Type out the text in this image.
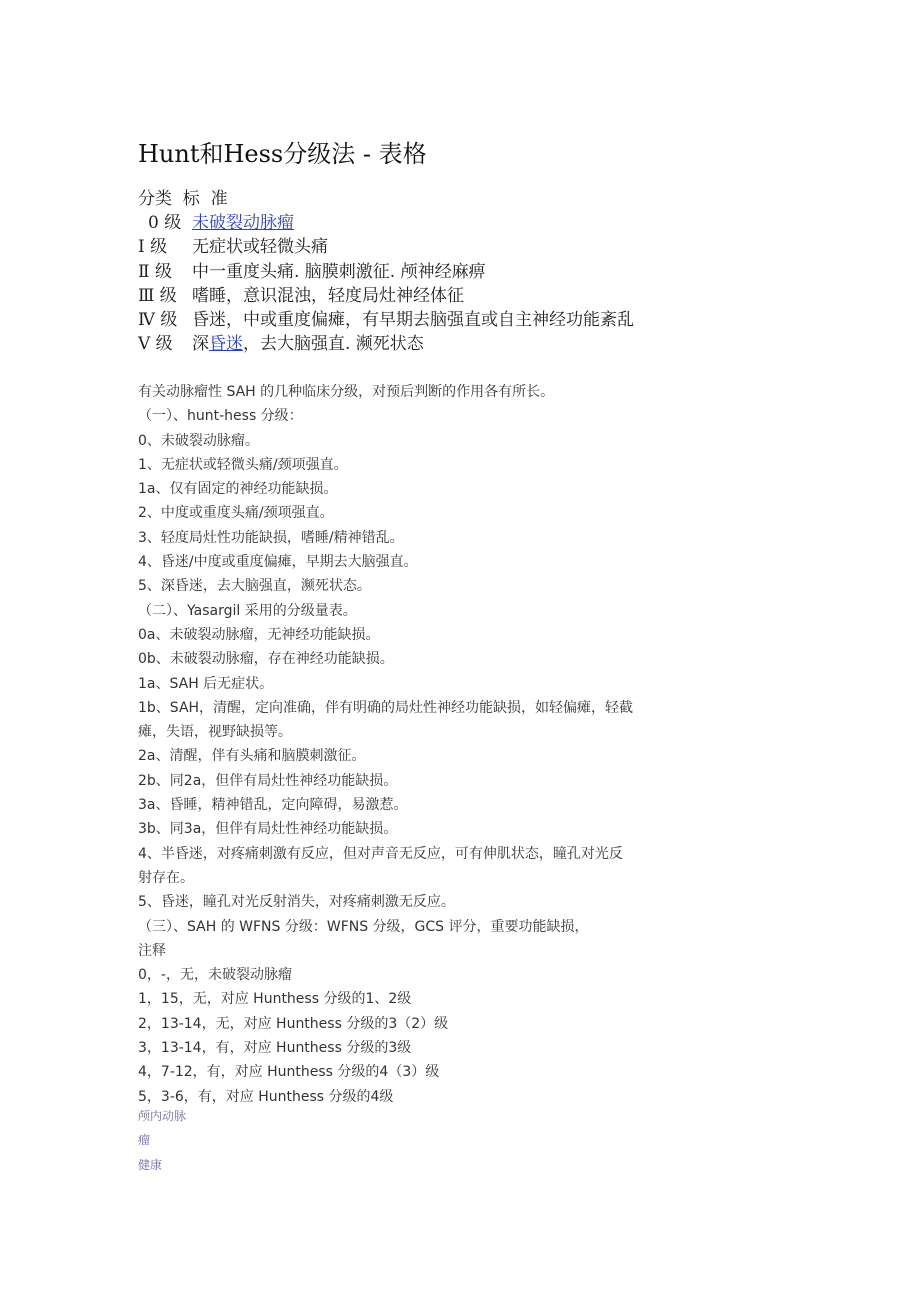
Hunt和Hess分级法 - 表格
分类  标  准
0 级 未破裂动脉瘤
Ⅰ 级 无症状或轻微头痛
Ⅱ 级 中一重度头痛. 脑膜刺激征. 颅神经麻痹
Ⅲ 级 嗜睡，意识混浊，轻度局灶神经体征
Ⅳ 级 昏迷，中或重度偏瘫，有早期去脑强直或自主神经功能紊乱
Ⅴ 级 深昏迷，去大脑强直. 濒死状态
有关动脉瘤性 SAH 的几种临床分级，对预后判断的作用各有所长。
（一）、hunt-hess 分级：
0、未破裂动脉瘤。
1、无症状或轻微头痛/颈项强直。
1a、仅有固定的神经功能缺损。
2、中度或重度头痛/颈项强直。
3、轻度局灶性功能缺损，嗜睡/精神错乱。
4、昏迷/中度或重度偏瘫，早期去大脑强直。
5、深昏迷，去大脑强直，濒死状态。
（二）、Yasargil 采用的分级量表。
0a、未破裂动脉瘤，无神经功能缺损。
0b、未破裂动脉瘤，存在神经功能缺损。
1a、SAH 后无症状。
1b、SAH，清醒，定向准确，伴有明确的局灶性神经功能缺损，如轻偏瘫，轻截
瘫，失语，视野缺损等。
2a、清醒，伴有头痛和脑膜刺激征。
2b、同2a，但伴有局灶性神经功能缺损。
3a、昏睡，精神错乱，定向障碍，易激惹。
3b、同3a，但伴有局灶性神经功能缺损。
4、半昏迷，对疼痛刺激有反应，但对声音无反应，可有伸肌状态，瞳孔对光反
射存在。
5、昏迷，瞳孔对光反射消失，对疼痛刺激无反应。
（三）、SAH 的 WFNS 分级：WFNS 分级，GCS 评分，重要功能缺损，
注释
0，-，无，未破裂动脉瘤
1，15，无，对应 Hunthess 分级的1、2级
2，13-14，无，对应 Hunthess 分级的3（2）级
3，13-14，有，对应 Hunthess 分级的3级
4，7-12，有，对应 Hunthess 分级的4（3）级
5，3-6，有，对应 Hunthess 分级的4级
颅内动脉
瘤
健康
